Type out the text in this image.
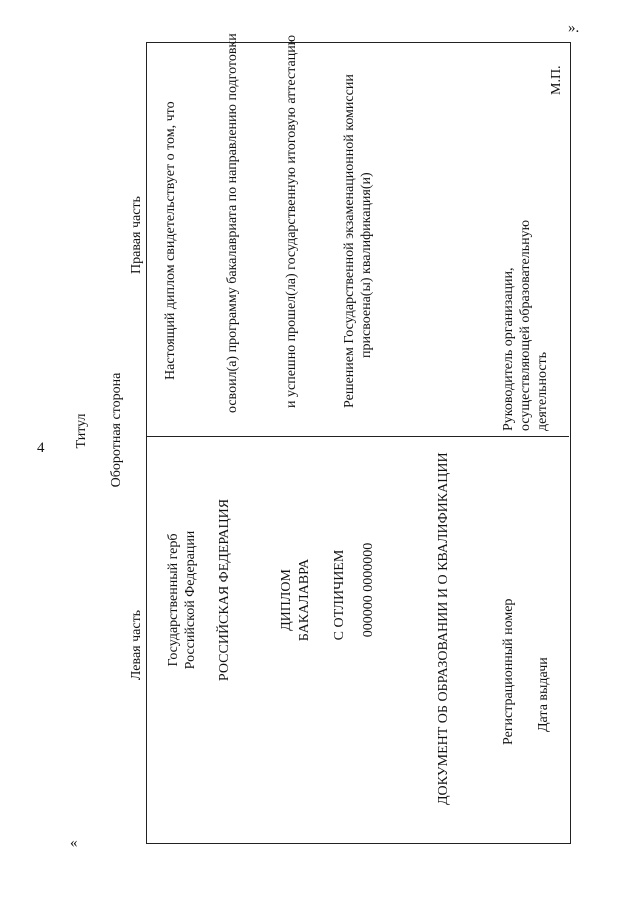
4
«
».
Титул Оборотная сторона
Левая часть
Правая часть
Государственный герб Российской Федерации РОССИЙСКАЯ ФЕДЕРАЦИЯ	ДИПЛОМ БАКАЛАВРА С ОТЛИЧИЕМ 000000 0000000	ДОКУМЕНТ ОБ ОБРАЗОВАНИИ И О КВАЛИФИКАЦИИ	Регистрационный номер Дата выдачи
Настоящий диплом свидетельствует о том, что	освоил(а) программу бакалавриата по направлению подготовки	и успешно прошел(ла) государственную итоговую аттестацию	Решением Государственной экзаменационной комиссии присвоена(ы) квалификация(и)	Руководитель организации, осуществляющей образовательную деятельность
М.П.
